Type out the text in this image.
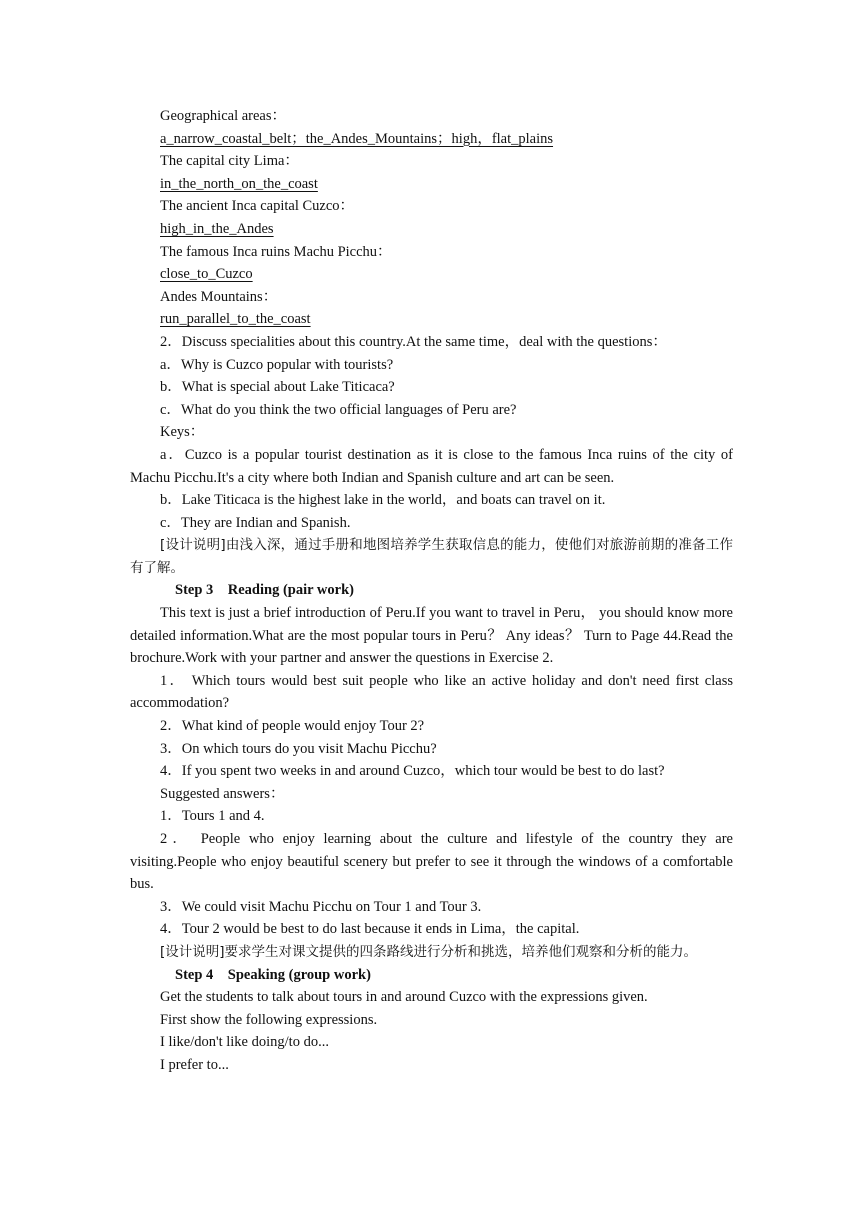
Geographical areas：
a_narrow_coastal_belt；the_Andes_Mountains；high，flat_plains
The capital city Lima：
in_the_north_on_the_coast
The ancient Inca capital Cuzco：
high_in_the_Andes
The famous Inca ruins Machu Picchu：
close_to_Cuzco
Andes Mountains：
run_parallel_to_the_coast
2．Discuss specialities about this country.At the same time，deal with the questions：
a．Why is Cuzco popular with tourists?
b．What is special about Lake Titicaca?
c．What do you think the two official languages of Peru are?
Keys：
a．Cuzco is a popular tourist destination as it is close to the famous Inca ruins of the city of Machu Picchu.It's a city where both Indian and Spanish culture and art can be seen.
b．Lake Titicaca is the highest lake in the world，and boats can travel on it.
c．They are Indian and Spanish.
[设计说明]由浅入深，通过手册和地图培养学生获取信息的能力，使他们对旅游前期的准备工作有了解。
Step 3　Reading (pair work)
This text is just a brief introduction of Peru.If you want to travel in Peru， you should know more detailed information.What are the most popular tours in Peru？ Any ideas？ Turn to Page 44.Read the brochure.Work with your partner and answer the questions in Exercise 2.
1． Which tours would best suit people who like an active holiday and don't need first class accommodation?
2．What kind of people would enjoy Tour 2?
3．On which tours do you visit Machu Picchu?
4．If you spent two weeks in and around Cuzco，which tour would be best to do last?
Suggested answers：
1．Tours 1 and 4.
2． People who enjoy learning about the culture and lifestyle of the country they are visiting.People who enjoy beautiful scenery but prefer to see it through the windows of a comfortable bus.
3．We could visit Machu Picchu on Tour 1 and Tour 3.
4．Tour 2 would be best to do last because it ends in Lima，the capital.
[设计说明]要求学生对课文提供的四条路线进行分析和挑选，培养他们观察和分析的能力。
Step 4　Speaking (group work)
Get the students to talk about tours in and around Cuzco with the expressions given.
First show the following expressions.
I like/don't like doing/to do...
I prefer to...
